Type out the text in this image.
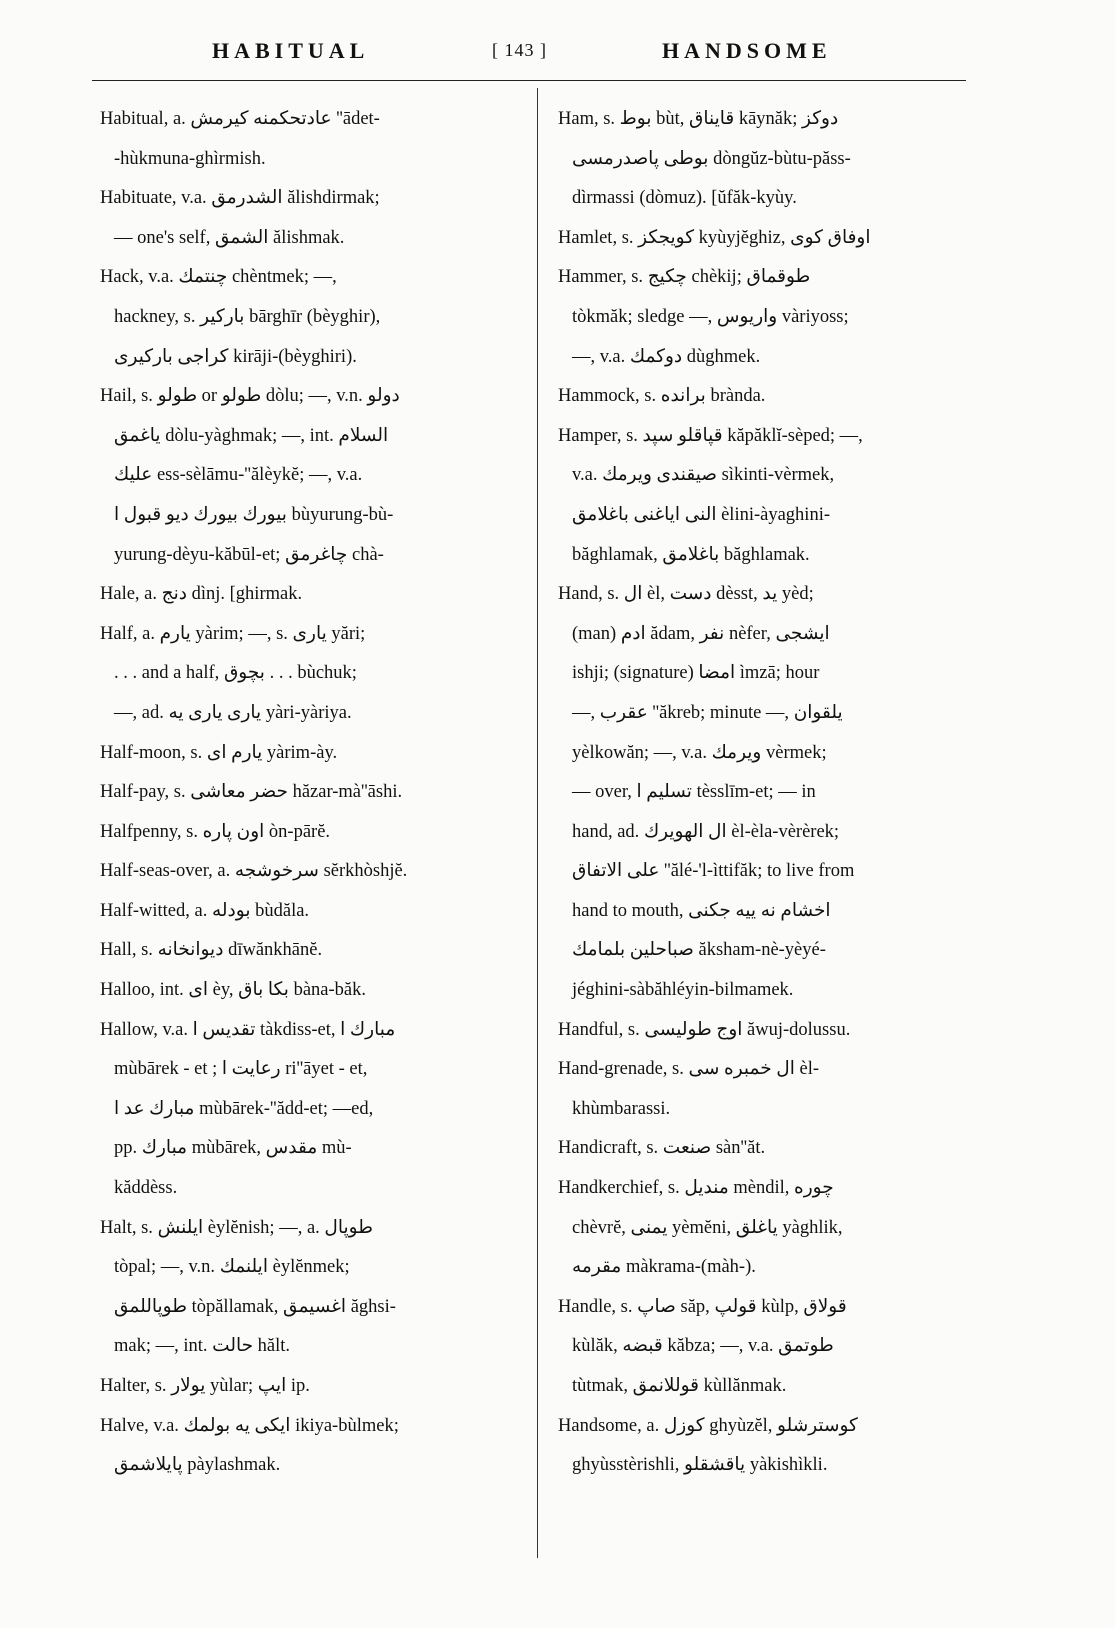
HABITUAL	[ 143 ]	HANDSOME
Habitual, a. عادتحكمنه كيرمش ''ādet-
-hùkmuna-ghìrmish.
Habituate, v.a. الشدرمق ălishdirmak;
— one's self, الشمق ălishmak.
Hack, v.a. چنتمك chèntmek; —,
hackney, s. باركير bārghīr (bèyghir),
كراجى باركيرى kirāji-(bèyghiri).
Hail, s. طولو or طولو dòlu; —, v.n. دولو
ياغمق dòlu-yàghmak; —, int. السلام
عليك ess-sèlāmu-''ălèykĕ; —, v.a.
بيورك بيورك ديو قبول ا bùyurung-bù-
yurung-dèyu-kăbūl-et; چاغرمق chà-
Hale, a. دنج dìnj. [ghirmak.
Half, a. يارم yàrim; —, s. يارى yări;
. . . and a half, بچوق . . . bùchuk;
—, ad. يارى يارى يه yàri-yàriya.
Half-moon, s. يارم اى yàrim-ày.
Half-pay, s. حضر معاشى hăzar-mà''āshi.
Halfpenny, s. اون پاره òn-pārĕ.
Half-seas-over, a. سرخوشجه sĕrkhòshjĕ.
Half-witted, a. بودله bùdăla.
Hall, s. ديوانخانه dīwănkhānĕ.
Halloo, int. اى èy, بكا باق bàna-băk.
Hallow, v.a. تقديس ا tàkdiss-et, مبارك ا
mùbārek - et ; رعايت ا ri''āyet - et,
مبارك عد ا mùbārek-''ădd-et; —ed,
pp. مبارك mùbārek, مقدس mù-
kăddèss.
Halt, s. ايلنش èylĕnish; —, a. طوپال
tòpal; —, v.n. ايلنمك èylĕnmek;
طوپاللمق tòpăllamak, اغسيمق ăghsi-
mak; —, int. حالت hălt.
Halter, s. يولار yùlar; ايپ ip.
Halve, v.a. ايكى يه بولمك ikiya-bùlmek;
پايلاشمق pàylashmak.
Ham, s. بوط bùt, قايناق kāynăk; دوكز
بوطى پاصدرمسى dòngŭz-bùtu-păss-
dìrmassi (dòmuz). [ŭfăk-kyùy.
Hamlet, s. كويجكز kyùyjĕghiz, اوفاق كوى
Hammer, s. چكيج chèkij; طوقماق
tòkmăk; sledge —, واريوس vàriyoss;
—, v.a. دوكمك dùghmek.
Hammock, s. برانده brànda.
Hamper, s. قپاقلو سپد kăpăklĭ-sèped; —,
v.a. صيقندى ويرمك sìkinti-vèrmek,
النى اياغنى باغلامق èlini-àyaghini-
băghlamak, باغلامق băghlamak.
Hand, s. ال èl, دست dèsst, يد yèd;
(man) ادم ădam, نفر nèfer, ايشجى
ishji; (signature) امضا ìmzā; hour
—, عقرب ''ăkreb; minute —, يلقوان
yèlkowăn; —, v.a. ويرمك vèrmek;
— over, تسليم ا tèsslīm-et; — in
hand, ad. ال الهويرك èl-èla-vèrèrek;
على الاتفاق ''ălé-'l-ìttifăk; to live from
hand to mouth, اخشام نه ييه جكنى
صباحلين بلمامك ăksham-nè-yèyé-
jéghini-sàbăhléyin-bilmamek.
Handful, s. اوج طوليسى ăwuj-dolussu.
Hand-grenade, s. ال خمبره سى èl-
khùmbarassi.
Handicraft, s. صنعت sàn''ăt.
Handkerchief, s. منديل mèndil, چوره
chèvrĕ, يمنى yèmĕni, ياغلق yàghlik,
مقرمه màkrama-(màh-).
Handle, s. صاپ săp, قولپ kùlp, قولاق
kùlăk, قبضه kăbza; —, v.a. طوتمق
tùtmak, قوللانمق kùllănmak.
Handsome, a. كوزل ghyùzĕl, كوسترشلو
ghyùsstèrishli, ياقشقلو yàkishìkli.
